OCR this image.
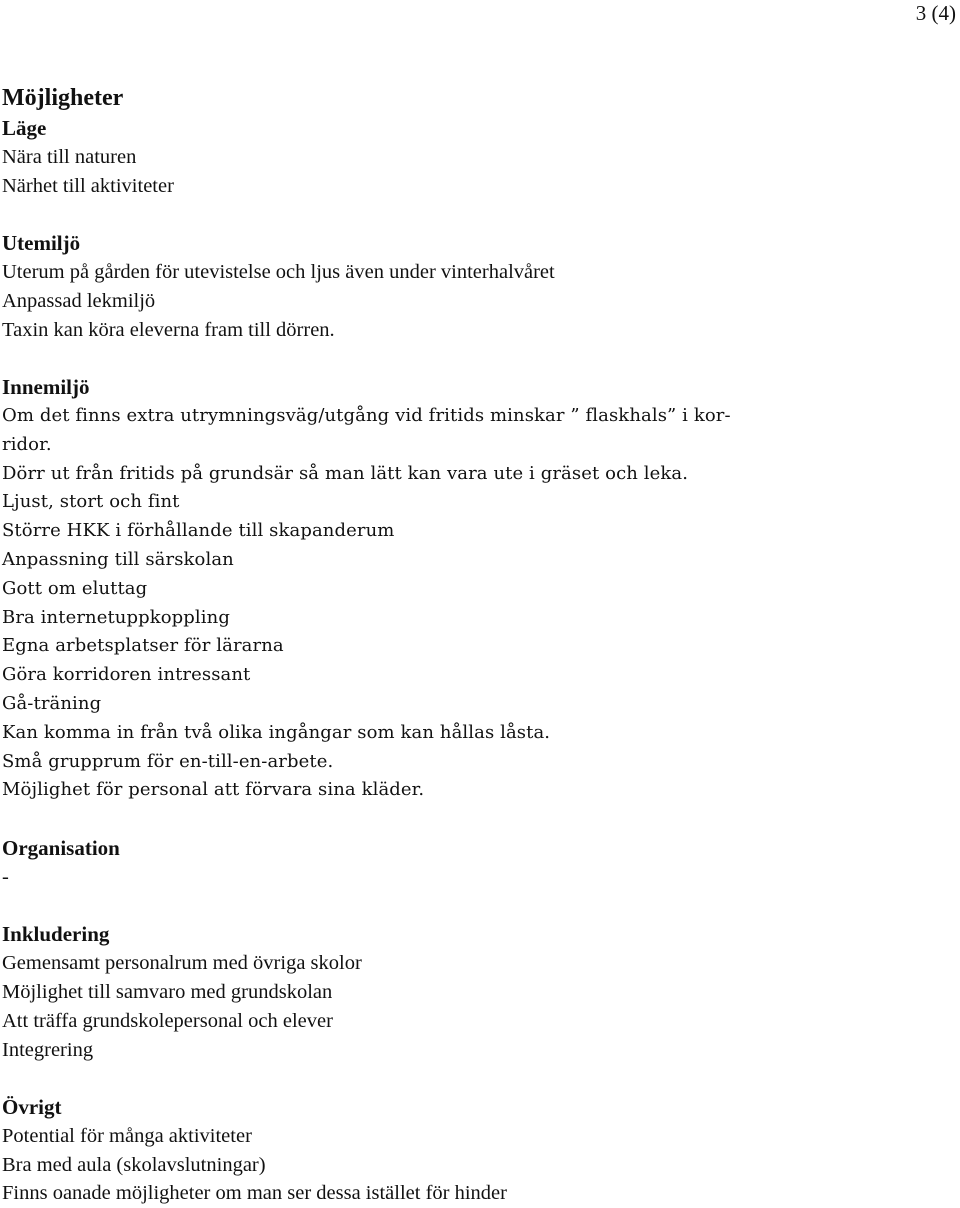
3 (4)
Möjligheter
Läge
Nära till naturen
Närhet till aktiviteter
Utemiljö
Uterum på gården för utevistelse och ljus även under vinterhalvåret
Anpassad lekmiljö
Taxin kan köra eleverna fram till dörren.
Innemiljö
Om det finns extra utrymningsväg/utgång vid fritids minskar ” flaskhals” i kor-
ridor.
Dörr ut från fritids på grundsär så man lätt kan vara ute i gräset och leka.
Ljust, stort och fint
Större HKK i förhållande till skapanderum
Anpassning till särskolan
Gott om eluttag
Bra internetuppkoppling
Egna arbetsplatser för lärarna
Göra korridoren intressant
Gå-träning
Kan komma in från två olika ingångar som kan hållas låsta.
Små grupprum för en-till-en-arbete.
Möjlighet för personal att förvara sina kläder.
Organisation
-
Inkludering
Gemensamt personalrum med övriga skolor
Möjlighet till samvaro med grundskolan
Att träffa grundskolepersonal och elever
Integrering
Övrigt
Potential för många aktiviteter
Bra med aula (skolavslutningar)
Finns oanade möjligheter om man ser dessa istället för hinder
